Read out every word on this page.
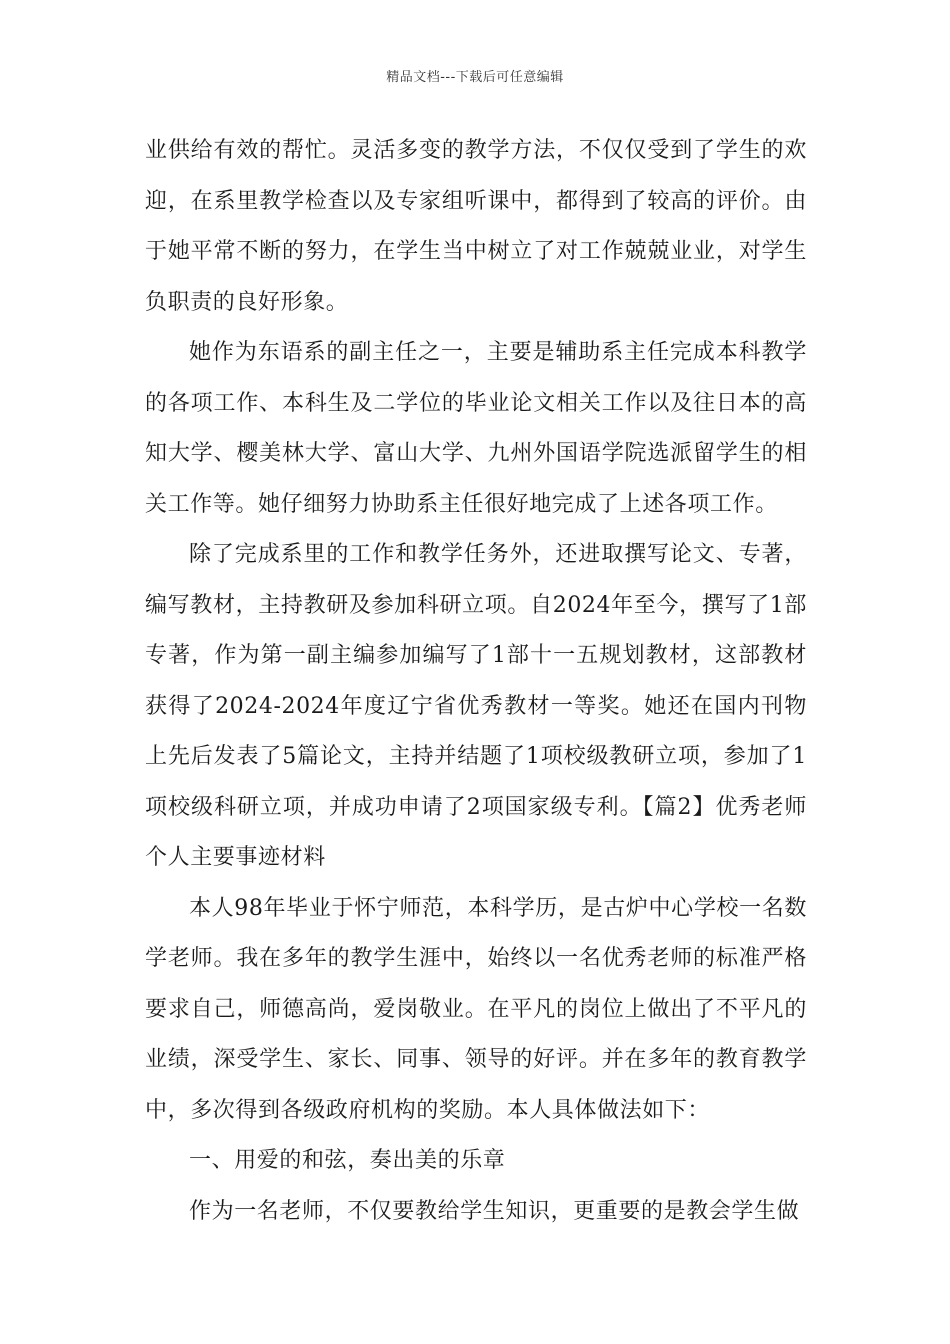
精品文档---下载后可任意编辑

业供给有效的帮忙。灵活多变的教学方法，不仅仅受到了学生的欢迎，在系里教学检查以及专家组听课中，都得到了较高的评价。由于她平常不断的努力，在学生当中树立了对工作兢兢业业，对学生负职责的良好形象。

她作为东语系的副主任之一，主要是辅助系主任完成本科教学的各项工作、本科生及二学位的毕业论文相关工作以及往日本的高知大学、樱美林大学、富山大学、九州外国语学院选派留学生的相关工作等。她仔细努力协助系主任很好地完成了上述各项工作。

除了完成系里的工作和教学任务外，还进取撰写论文、专著，编写教材，主持教研及参加科研立项。自2024年至今，撰写了1部专著，作为第一副主编参加编写了1部十一五规划教材，这部教材获得了2024-2024年度辽宁省优秀教材一等奖。她还在国内刊物上先后发表了5篇论文，主持并结题了1项校级教研立项，参加了1项校级科研立项，并成功申请了2项国家级专利。【篇2】优秀老师个人主要事迹材料

本人98年毕业于怀宁师范，本科学历，是古炉中心学校一名数学老师。我在多年的教学生涯中，始终以一名优秀老师的标准严格要求自己，师德高尚，爱岗敬业。在平凡的岗位上做出了不平凡的业绩，深受学生、家长、同事、领导的好评。并在多年的教育教学中，多次得到各级政府机构的奖励。本人具体做法如下：

一、用爱的和弦，奏出美的乐章

作为一名老师，不仅要教给学生知识，更重要的是教会学生做
